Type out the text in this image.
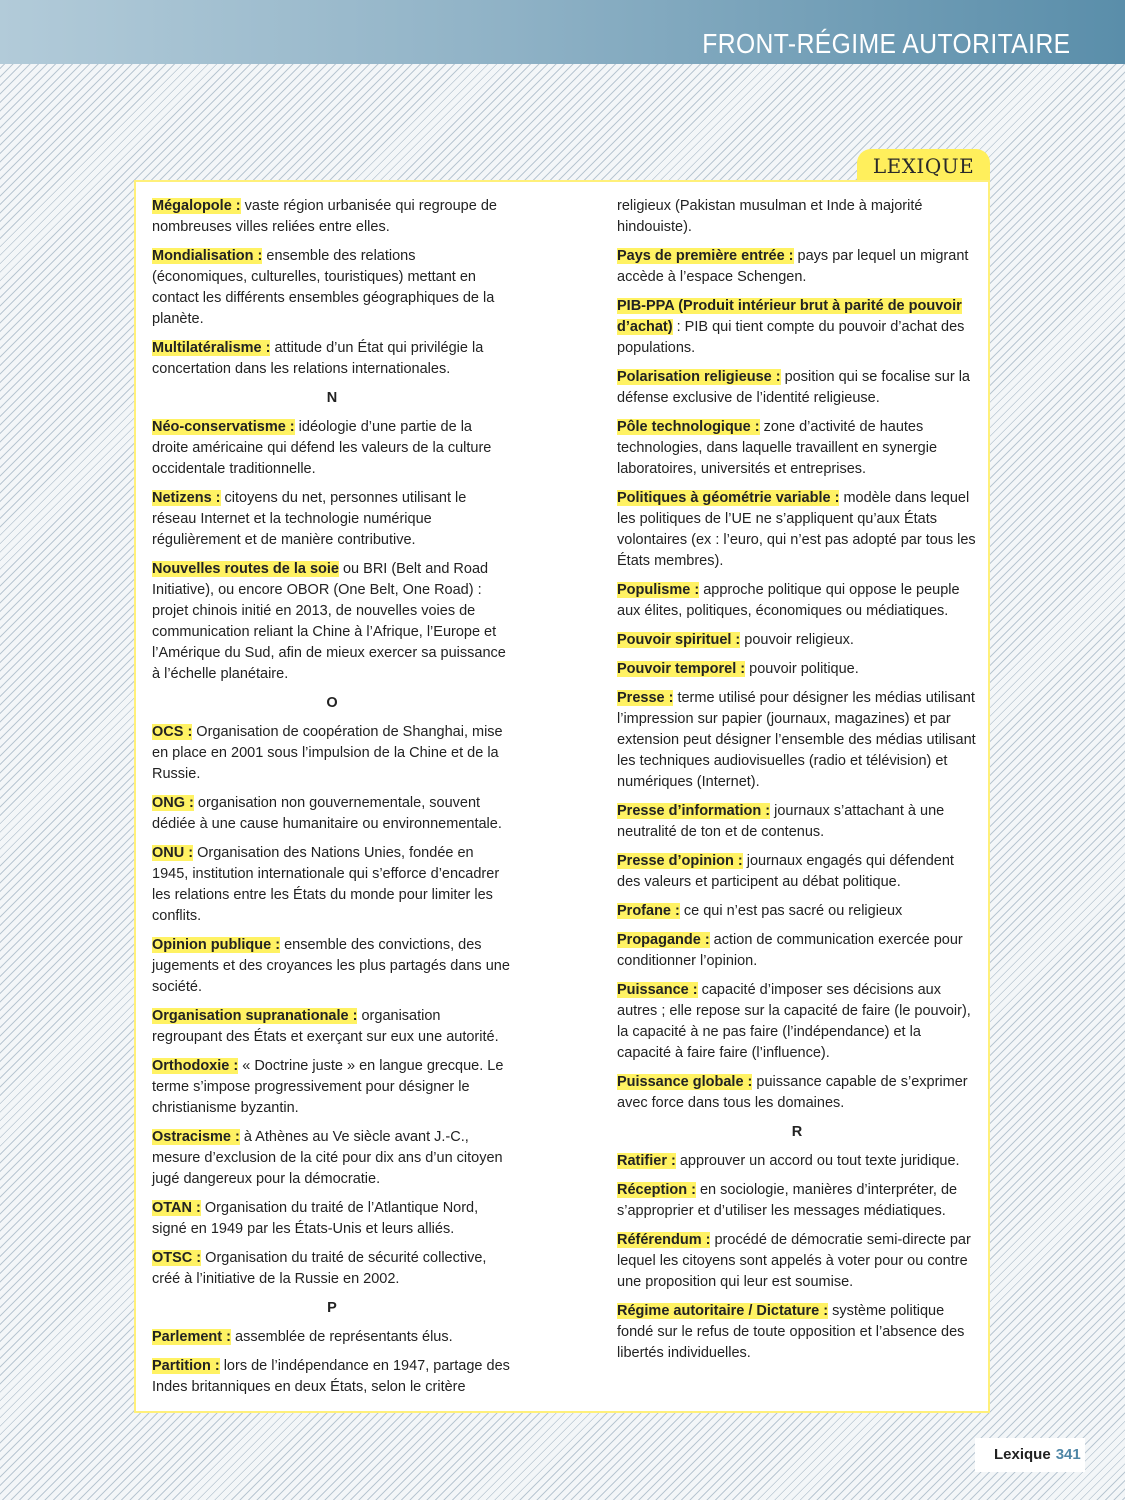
FRONT-RÉGIME AUTORITAIRE
LEXIQUE
Mégalopole : vaste région urbanisée qui regroupe de nombreuses villes reliées entre elles.
Mondialisation : ensemble des relations (économiques, culturelles, touristiques) mettant en contact les différents ensembles géographiques de la planète.
Multilatéralisme : attitude d’un État qui privilégie la concertation dans les relations internationales.
N
Néo-conservatisme : idéologie d’une partie de la droite américaine qui défend les valeurs de la culture occidentale traditionnelle.
Netizens : citoyens du net, personnes utilisant le réseau Internet et la technologie numérique régulièrement et de manière contributive.
Nouvelles routes de la soie ou BRI (Belt and Road Initiative), ou encore OBOR (One Belt, One Road) : projet chinois initié en 2013, de nouvelles voies de communication reliant la Chine à l’Afrique, l’Europe et l’Amérique du Sud, afin de mieux exercer sa puissance à l’échelle planétaire.
O
OCS : Organisation de coopération de Shanghai, mise en place en 2001 sous l’impulsion de la Chine et de la Russie.
ONG : organisation non gouvernementale, souvent dédiée à une cause humanitaire ou environnementale.
ONU : Organisation des Nations Unies, fondée en 1945, institution internationale qui s’efforce d’encadrer les relations entre les États du monde pour limiter les conflits.
Opinion publique : ensemble des convictions, des jugements et des croyances les plus partagés dans une société.
Organisation supranationale : organisation regroupant des États et exerçant sur eux une autorité.
Orthodoxie : « Doctrine juste » en langue grecque. Le terme s’impose progressivement pour désigner le christianisme byzantin.
Ostracisme : à Athènes au Ve siècle avant J.-C., mesure d’exclusion de la cité pour dix ans d’un citoyen jugé dangereux pour la démocratie.
OTAN : Organisation du traité de l’Atlantique Nord, signé en 1949 par les États-Unis et leurs alliés.
OTSC : Organisation du traité de sécurité collective, créé à l’initiative de la Russie en 2002.
P
Parlement : assemblée de représentants élus.
Partition : lors de l’indépendance en 1947, partage des Indes britanniques en deux États, selon le critère
religieux (Pakistan musulman et Inde à majorité hindouiste).
Pays de première entrée : pays par lequel un migrant accède à l’espace Schengen.
PIB-PPA (Produit intérieur brut à parité de pouvoir d’achat) : PIB qui tient compte du pouvoir d’achat des populations.
Polarisation religieuse : position qui se focalise sur la défense exclusive de l’identité religieuse.
Pôle technologique : zone d’activité de hautes technologies, dans laquelle travaillent en synergie laboratoires, universités et entreprises.
Politiques à géométrie variable : modèle dans lequel les politiques de l’UE ne s’appliquent qu’aux États volontaires (ex : l’euro, qui n’est pas adopté par tous les États membres).
Populisme : approche politique qui oppose le peuple aux élites, politiques, économiques ou médiatiques.
Pouvoir spirituel : pouvoir religieux.
Pouvoir temporel : pouvoir politique.
Presse : terme utilisé pour désigner les médias utilisant l’impression sur papier (journaux, magazines) et par extension peut désigner l’ensemble des médias utilisant les techniques audiovisuelles (radio et télévision) et numériques (Internet).
Presse d’information : journaux s’attachant à une neutralité de ton et de contenus.
Presse d’opinion : journaux engagés qui défendent des valeurs et participent au débat politique.
Profane : ce qui n’est pas sacré ou religieux
Propagande : action de communication exercée pour conditionner l’opinion.
Puissance : capacité d’imposer ses décisions aux autres ; elle repose sur la capacité de faire (le pouvoir), la capacité à ne pas faire (l’indépendance) et la capacité à faire faire (l’influence).
Puissance globale : puissance capable de s’exprimer avec force dans tous les domaines.
R
Ratifier : approuver un accord ou tout texte juridique.
Réception : en sociologie, manières d’interpréter, de s’approprier et d’utiliser les messages médiatiques.
Référendum : procédé de démocratie semi-directe par lequel les citoyens sont appelés à voter pour ou contre une proposition qui leur est soumise.
Régime autoritaire / Dictature : système politique fondé sur le refus de toute opposition et l’absence des libertés individuelles.
Lexique 341
